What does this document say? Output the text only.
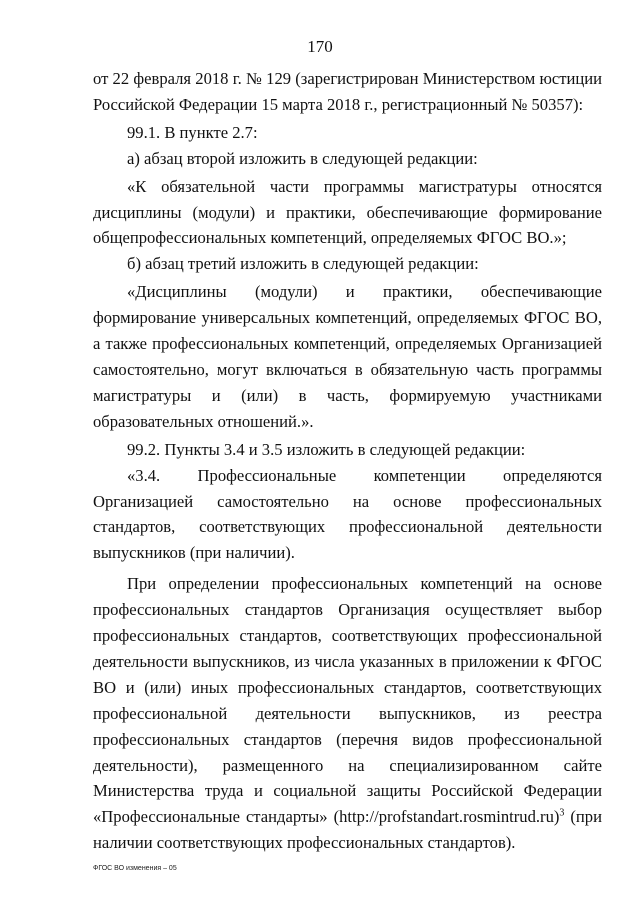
170

от 22 февраля 2018 г. № 129 (зарегистрирован Министерством юстиции Российской Федерации 15 марта 2018 г., регистрационный № 50357):

99.1. В пункте 2.7:

а) абзац второй изложить в следующей редакции:

«К обязательной части программы магистратуры относятся дисциплины (модули) и практики, обеспечивающие формирование общепрофессиональных компетенций, определяемых ФГОС ВО.»;

б) абзац третий изложить в следующей редакции:

«Дисциплины (модули) и практики, обеспечивающие формирование универсальных компетенций, определяемых ФГОС ВО, а также профессиональных компетенций, определяемых Организацией самостоятельно, могут включаться в обязательную часть программы магистратуры и (или) в часть, формируемую участниками образовательных отношений.».

99.2. Пункты 3.4 и 3.5 изложить в следующей редакции:

«3.4. Профессиональные компетенции определяются Организацией самостоятельно на основе профессиональных стандартов, соответствующих профессиональной деятельности выпускников (при наличии).

При определении профессиональных компетенций на основе профессиональных стандартов Организация осуществляет выбор профессиональных стандартов, соответствующих профессиональной деятельности выпускников, из числа указанных в приложении к ФГОС ВО и (или) иных профессиональных стандартов, соответствующих профессиональной деятельности выпускников, из реестра профессиональных стандартов (перечня видов профессиональной деятельности), размещенного на специализированном сайте Министерства труда и социальной защиты Российской Федерации «Профессиональные стандарты» (http://profstandart.rosmintrud.ru)$^3$ (при наличии соответствующих профессиональных стандартов).

ФГОС ВО изменения – 05
